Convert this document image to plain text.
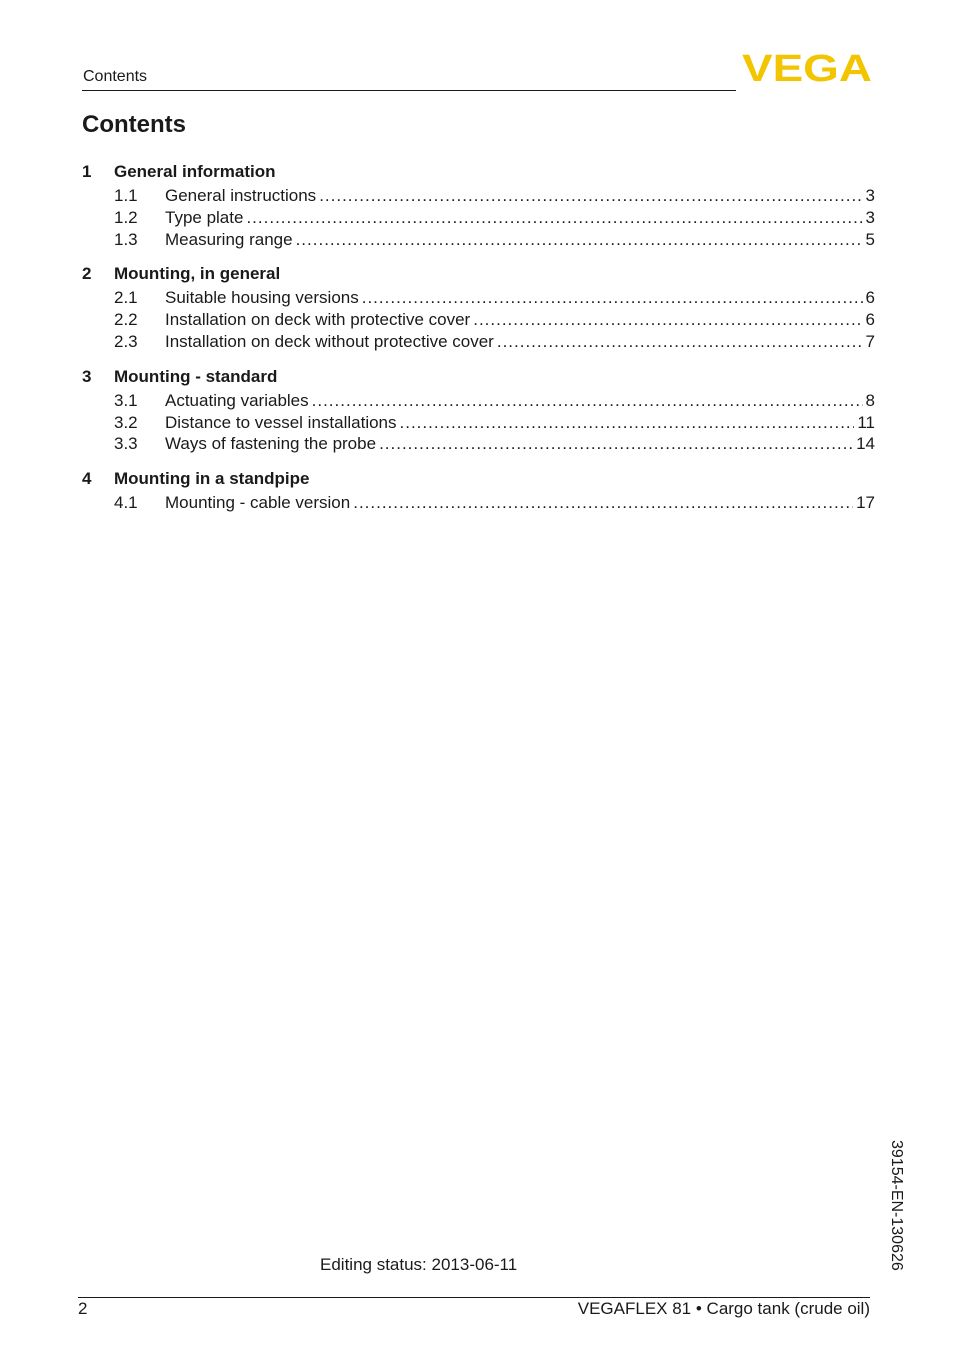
Contents	VEGA
Contents
1	General information
1.1	General instructions .....	3
1.2	Type plate .....	3
1.3	Measuring range .....	5
2	Mounting, in general
2.1	Suitable housing versions .....	6
2.2	Installation on deck with protective cover .....	6
2.3	Installation on deck without protective cover .....	7
3	Mounting - standard
3.1	Actuating variables .....	8
3.2	Distance to vessel installations .....	11
3.3	Ways of fastening the probe .....	14
4	Mounting in a standpipe
4.1	Mounting - cable version .....	17
39154-EN-130626
Editing status: 2013-06-11
2	VEGAFLEX 81 • Cargo tank (crude oil)
